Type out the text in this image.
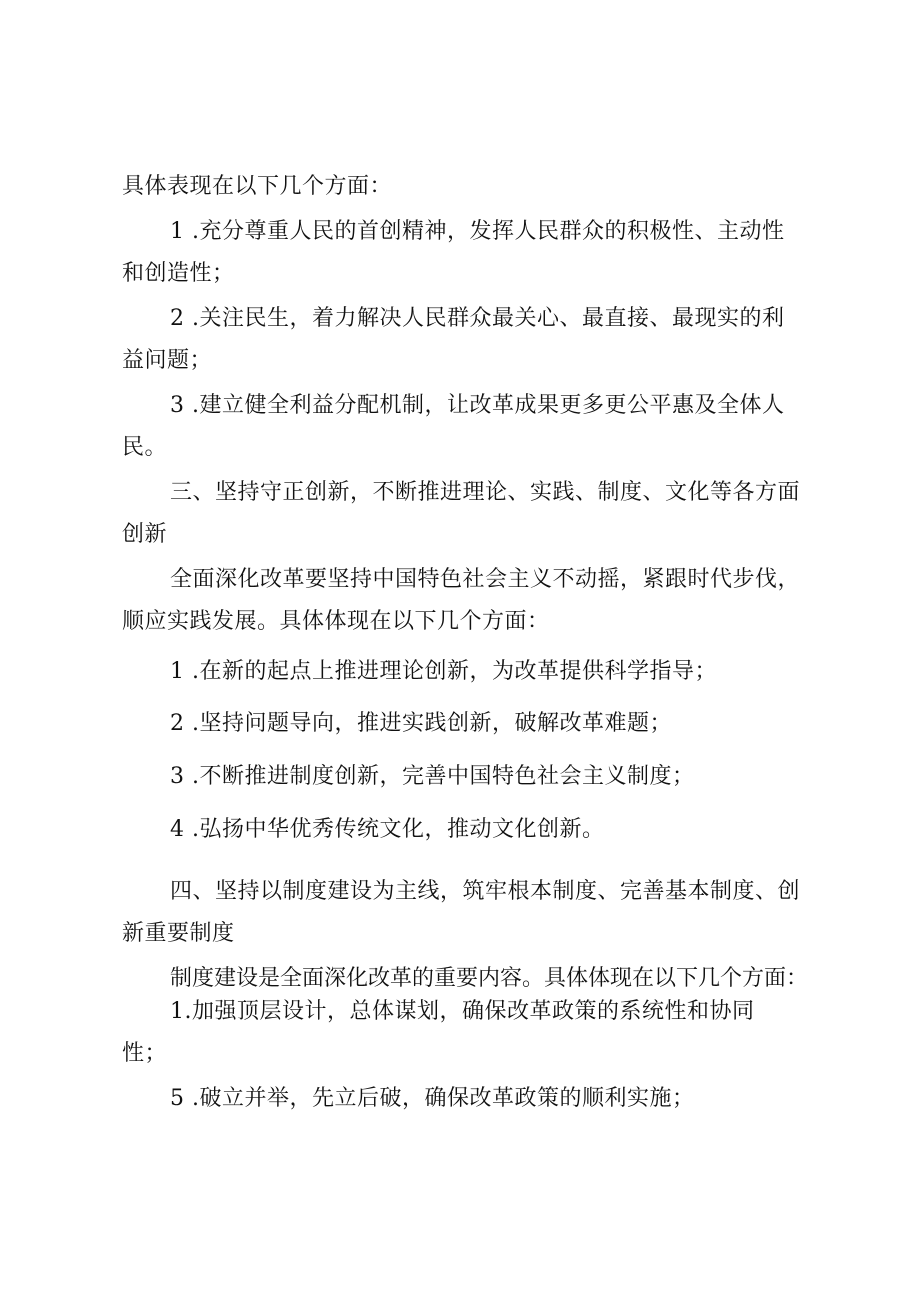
具体表现在以下几个方面：
1 .充分尊重人民的首创精神，发挥人民群众的积极性、主动性
和创造性；
2 .关注民生，着力解决人民群众最关心、最直接、最现实的利
益问题；
3 .建立健全利益分配机制，让改革成果更多更公平惠及全体人
民。
三、坚持守正创新，不断推进理论、实践、制度、文化等各方面
创新
全面深化改革要坚持中国特色社会主义不动摇，紧跟时代步伐，
顺应实践发展。具体体现在以下几个方面：
1 .在新的起点上推进理论创新，为改革提供科学指导；
2 .坚持问题导向，推进实践创新，破解改革难题；
3 .不断推进制度创新，完善中国特色社会主义制度；
4 .弘扬中华优秀传统文化，推动文化创新。
四、坚持以制度建设为主线，筑牢根本制度、完善基本制度、创
新重要制度
制度建设是全面深化改革的重要内容。具体体现在以下几个方面：
1.加强顶层设计，总体谋划，确保改革政策的系统性和协同
性；
5 .破立并举，先立后破，确保改革政策的顺利实施；
